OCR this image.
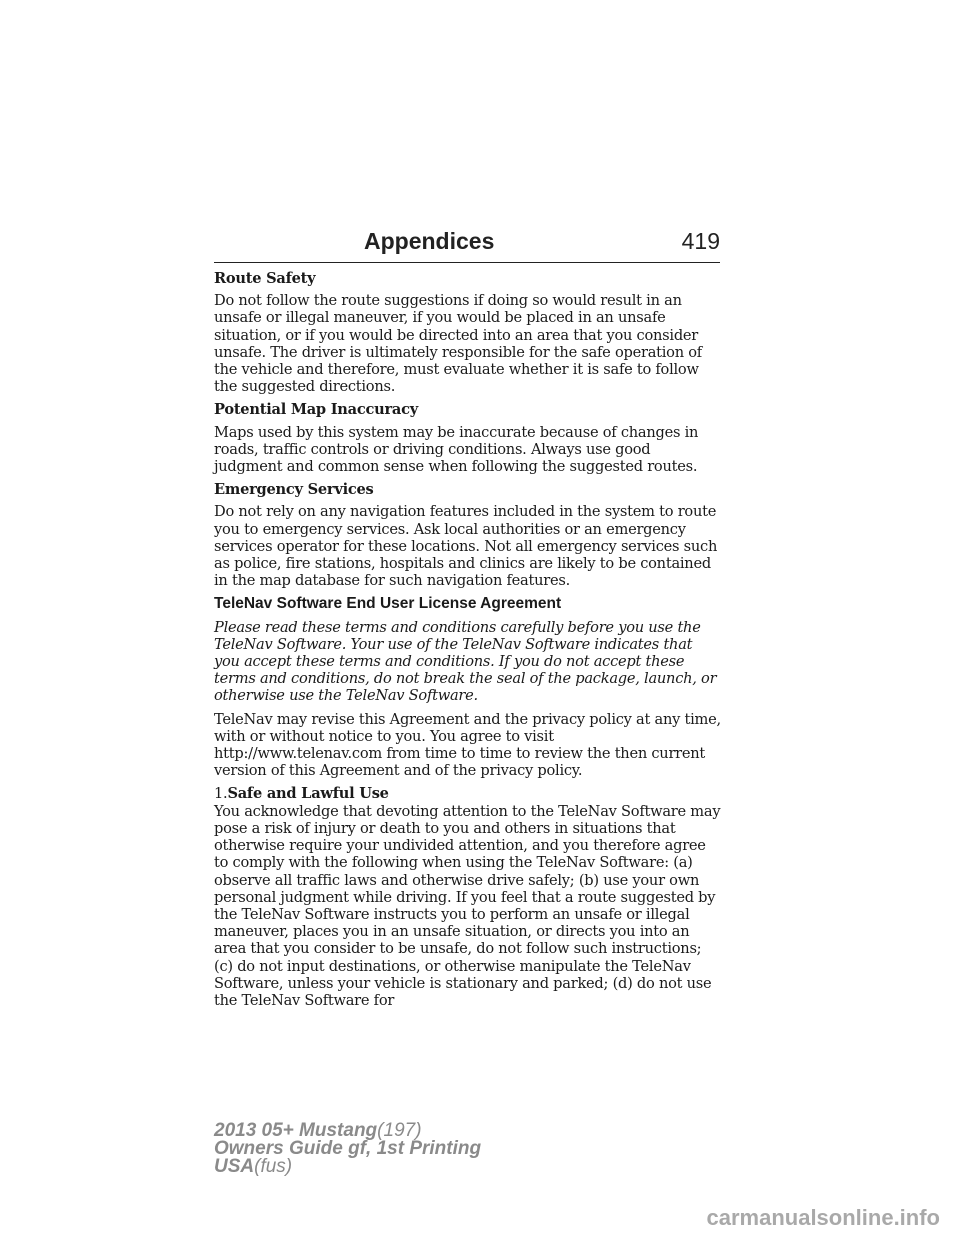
Appendices	419
Route Safety
Do not follow the route suggestions if doing so would result in an unsafe or illegal maneuver, if you would be placed in an unsafe situation, or if you would be directed into an area that you consider unsafe. The driver is ultimately responsible for the safe operation of the vehicle and therefore, must evaluate whether it is safe to follow the suggested directions.
Potential Map Inaccuracy
Maps used by this system may be inaccurate because of changes in roads, traffic controls or driving conditions. Always use good judgment and common sense when following the suggested routes.
Emergency Services
Do not rely on any navigation features included in the system to route you to emergency services. Ask local authorities or an emergency services operator for these locations. Not all emergency services such as police, fire stations, hospitals and clinics are likely to be contained in the map database for such navigation features.
TeleNav Software End User License Agreement
Please read these terms and conditions carefully before you use the TeleNav Software. Your use of the TeleNav Software indicates that you accept these terms and conditions. If you do not accept these terms and conditions, do not break the seal of the package, launch, or otherwise use the TeleNav Software.
TeleNav may revise this Agreement and the privacy policy at any time, with or without notice to you. You agree to visit http://www.telenav.com from time to time to review the then current version of this Agreement and of the privacy policy.
1.Safe and Lawful Use
You acknowledge that devoting attention to the TeleNav Software may pose a risk of injury or death to you and others in situations that otherwise require your undivided attention, and you therefore agree to comply with the following when using the TeleNav Software: (a) observe all traffic laws and otherwise drive safely; (b) use your own personal judgment while driving. If you feel that a route suggested by the TeleNav Software instructs you to perform an unsafe or illegal maneuver, places you in an unsafe situation, or directs you into an area that you consider to be unsafe, do not follow such instructions; (c) do not input destinations, or otherwise manipulate the TeleNav Software, unless your vehicle is stationary and parked; (d) do not use the TeleNav Software for
2013 05+ Mustang(197)
Owners Guide gf, 1st Printing
USA(fus)
carmanualsonline.info
